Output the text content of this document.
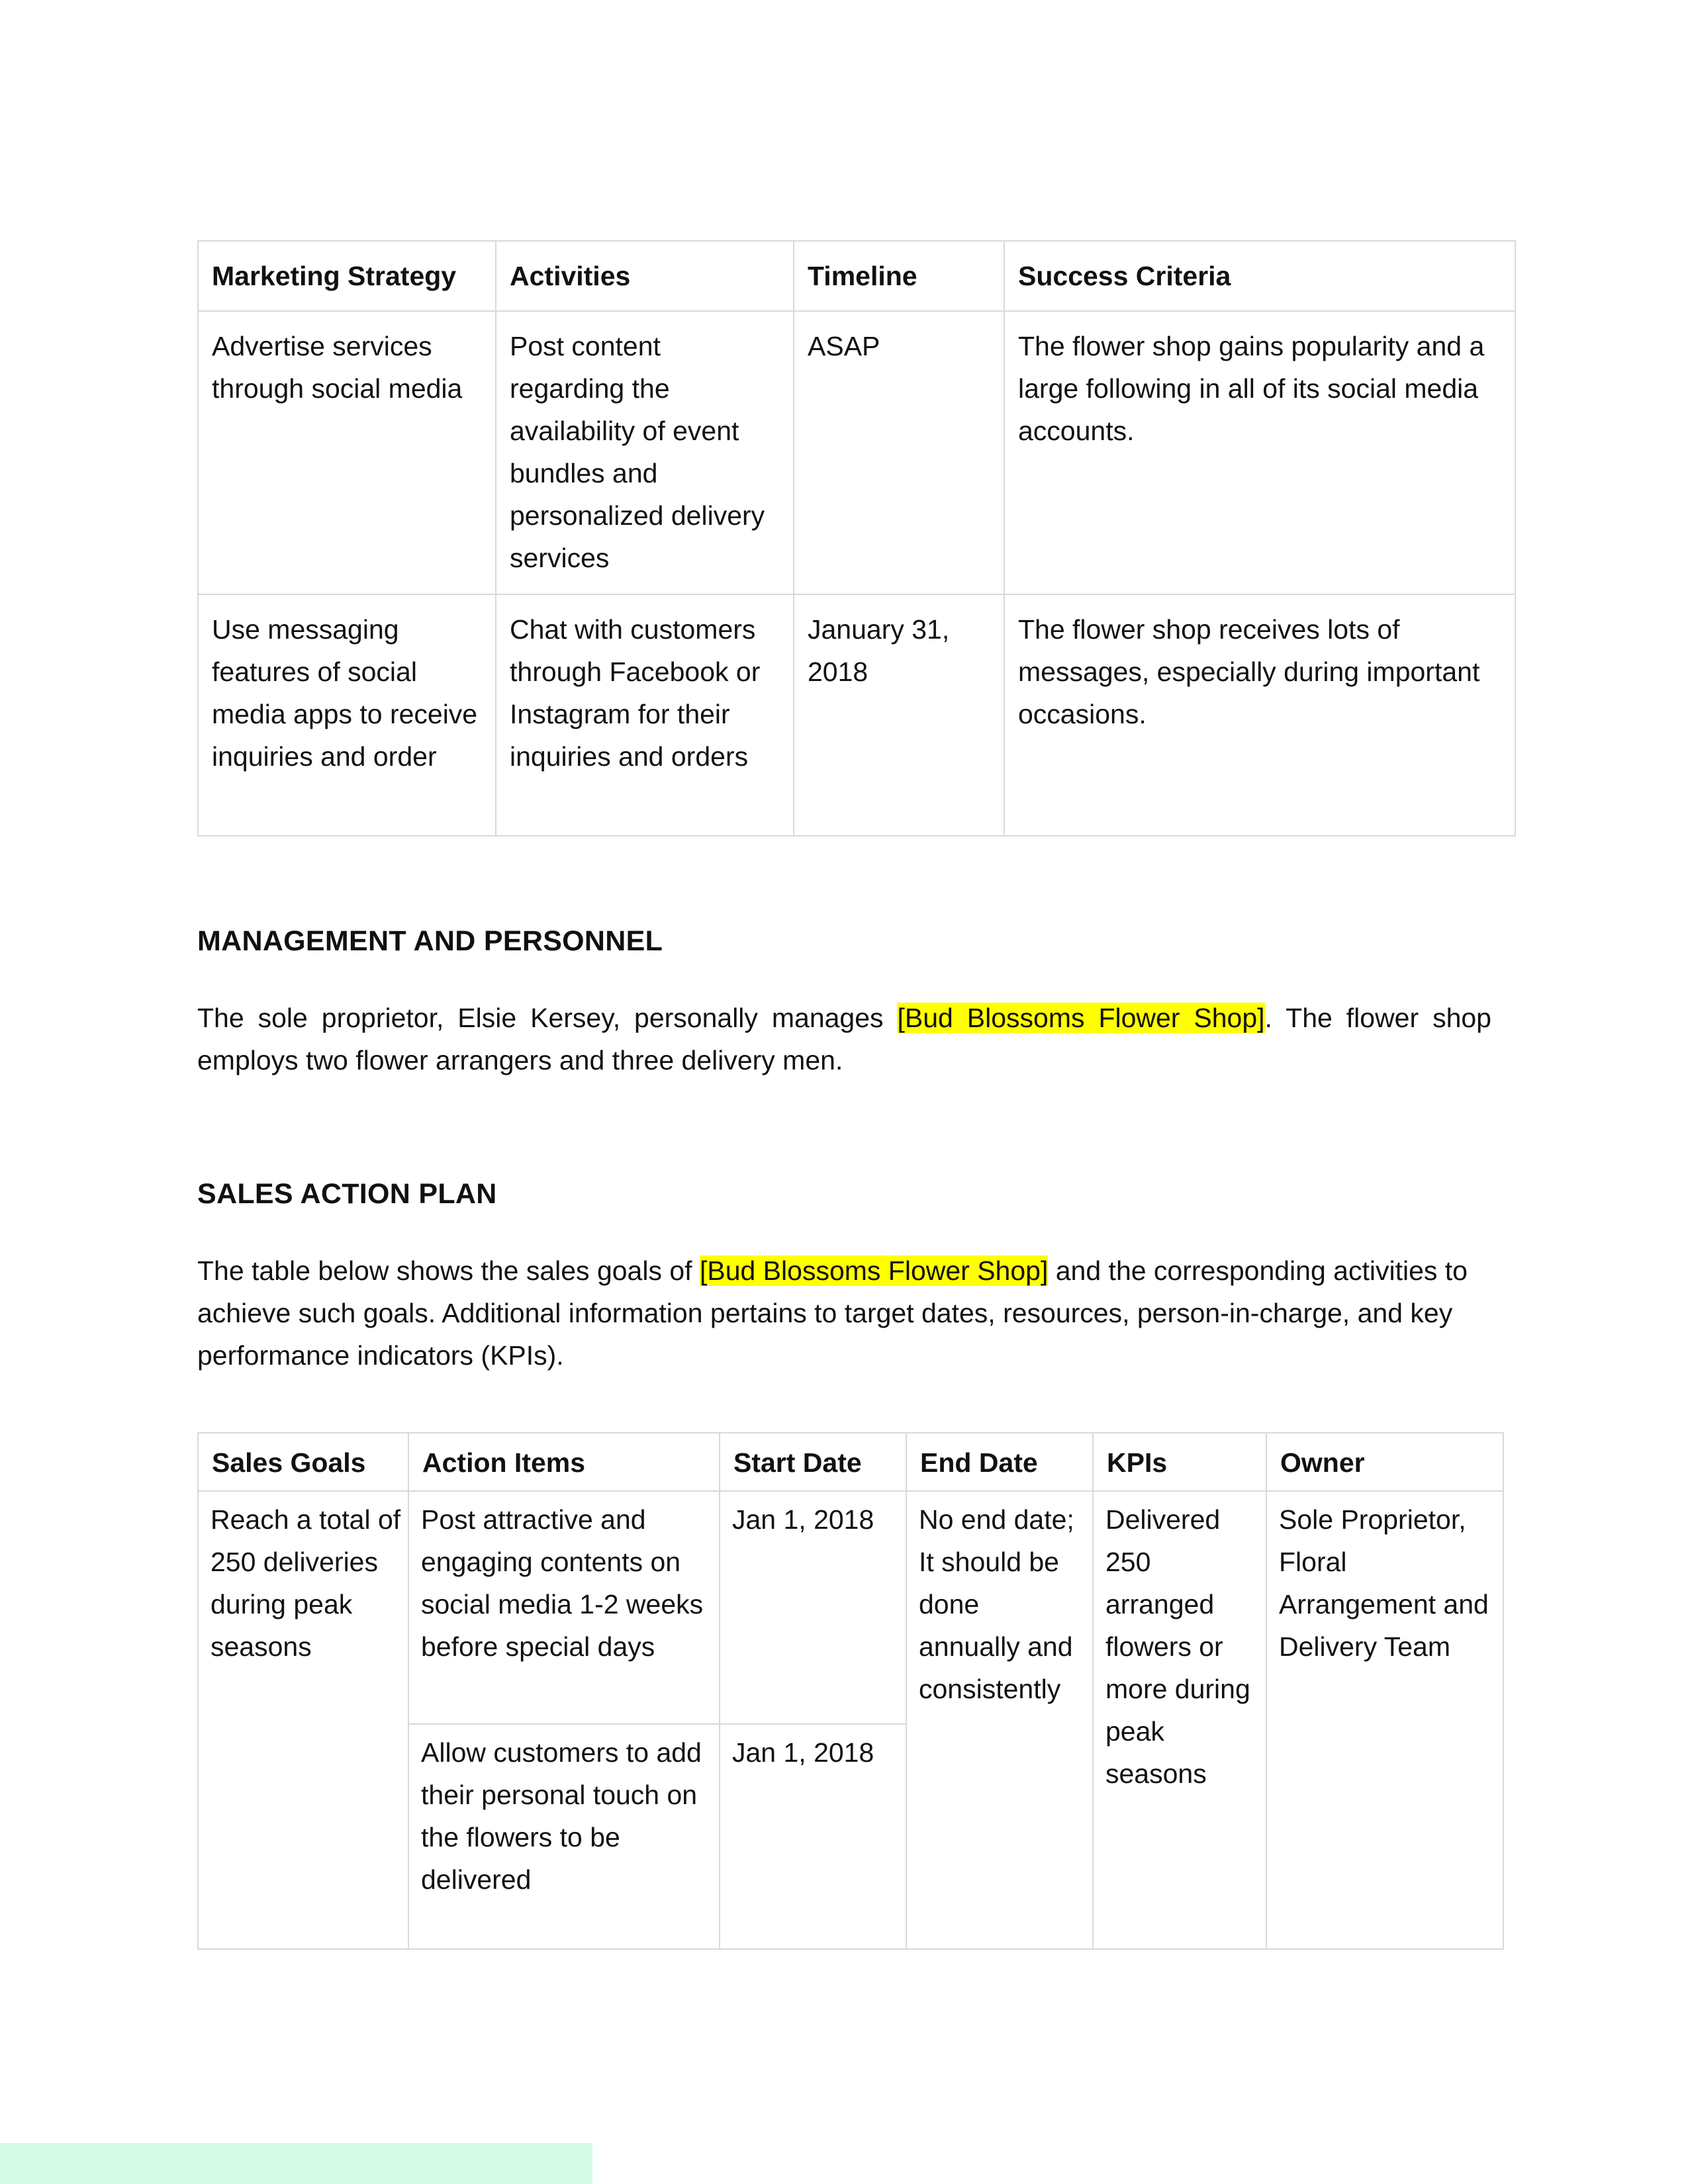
Marketing Strategy	Activities	Timeline	Success Criteria
Advertise services through social media	Post content regarding the availability of event bundles and personalized delivery services	ASAP	The flower shop gains popularity and a large following in all of its social media accounts.
Use messaging features of social media apps to receive inquiries and order	Chat with customers through Facebook or Instagram for their inquiries and orders	January 31, 2018	The flower shop receives lots of messages, especially during important occasions.
MANAGEMENT AND PERSONNEL

The sole proprietor, Elsie Kersey, personally manages [Bud Blossoms Flower Shop]. The flower shop employs two flower arrangers and three delivery men.

SALES ACTION PLAN

The table below shows the sales goals of [Bud Blossoms Flower Shop] and the corresponding activities to achieve such goals. Additional information pertains to target dates, resources, person-in-charge, and key performance indicators (KPIs).

Sales Goals	Action Items	Start Date	End Date	KPIs	Owner
Reach a total of 250 deliveries during peak seasons	Post attractive and engaging contents on social media 1-2 weeks before special days	Jan 1, 2018	No end date; It should be done annually and consistently	Delivered 250 arranged flowers or more during peak seasons	Sole Proprietor, Floral Arrangement and Delivery Team
	Allow customers to add their personal touch on the flowers to be delivered	Jan 1, 2018			
